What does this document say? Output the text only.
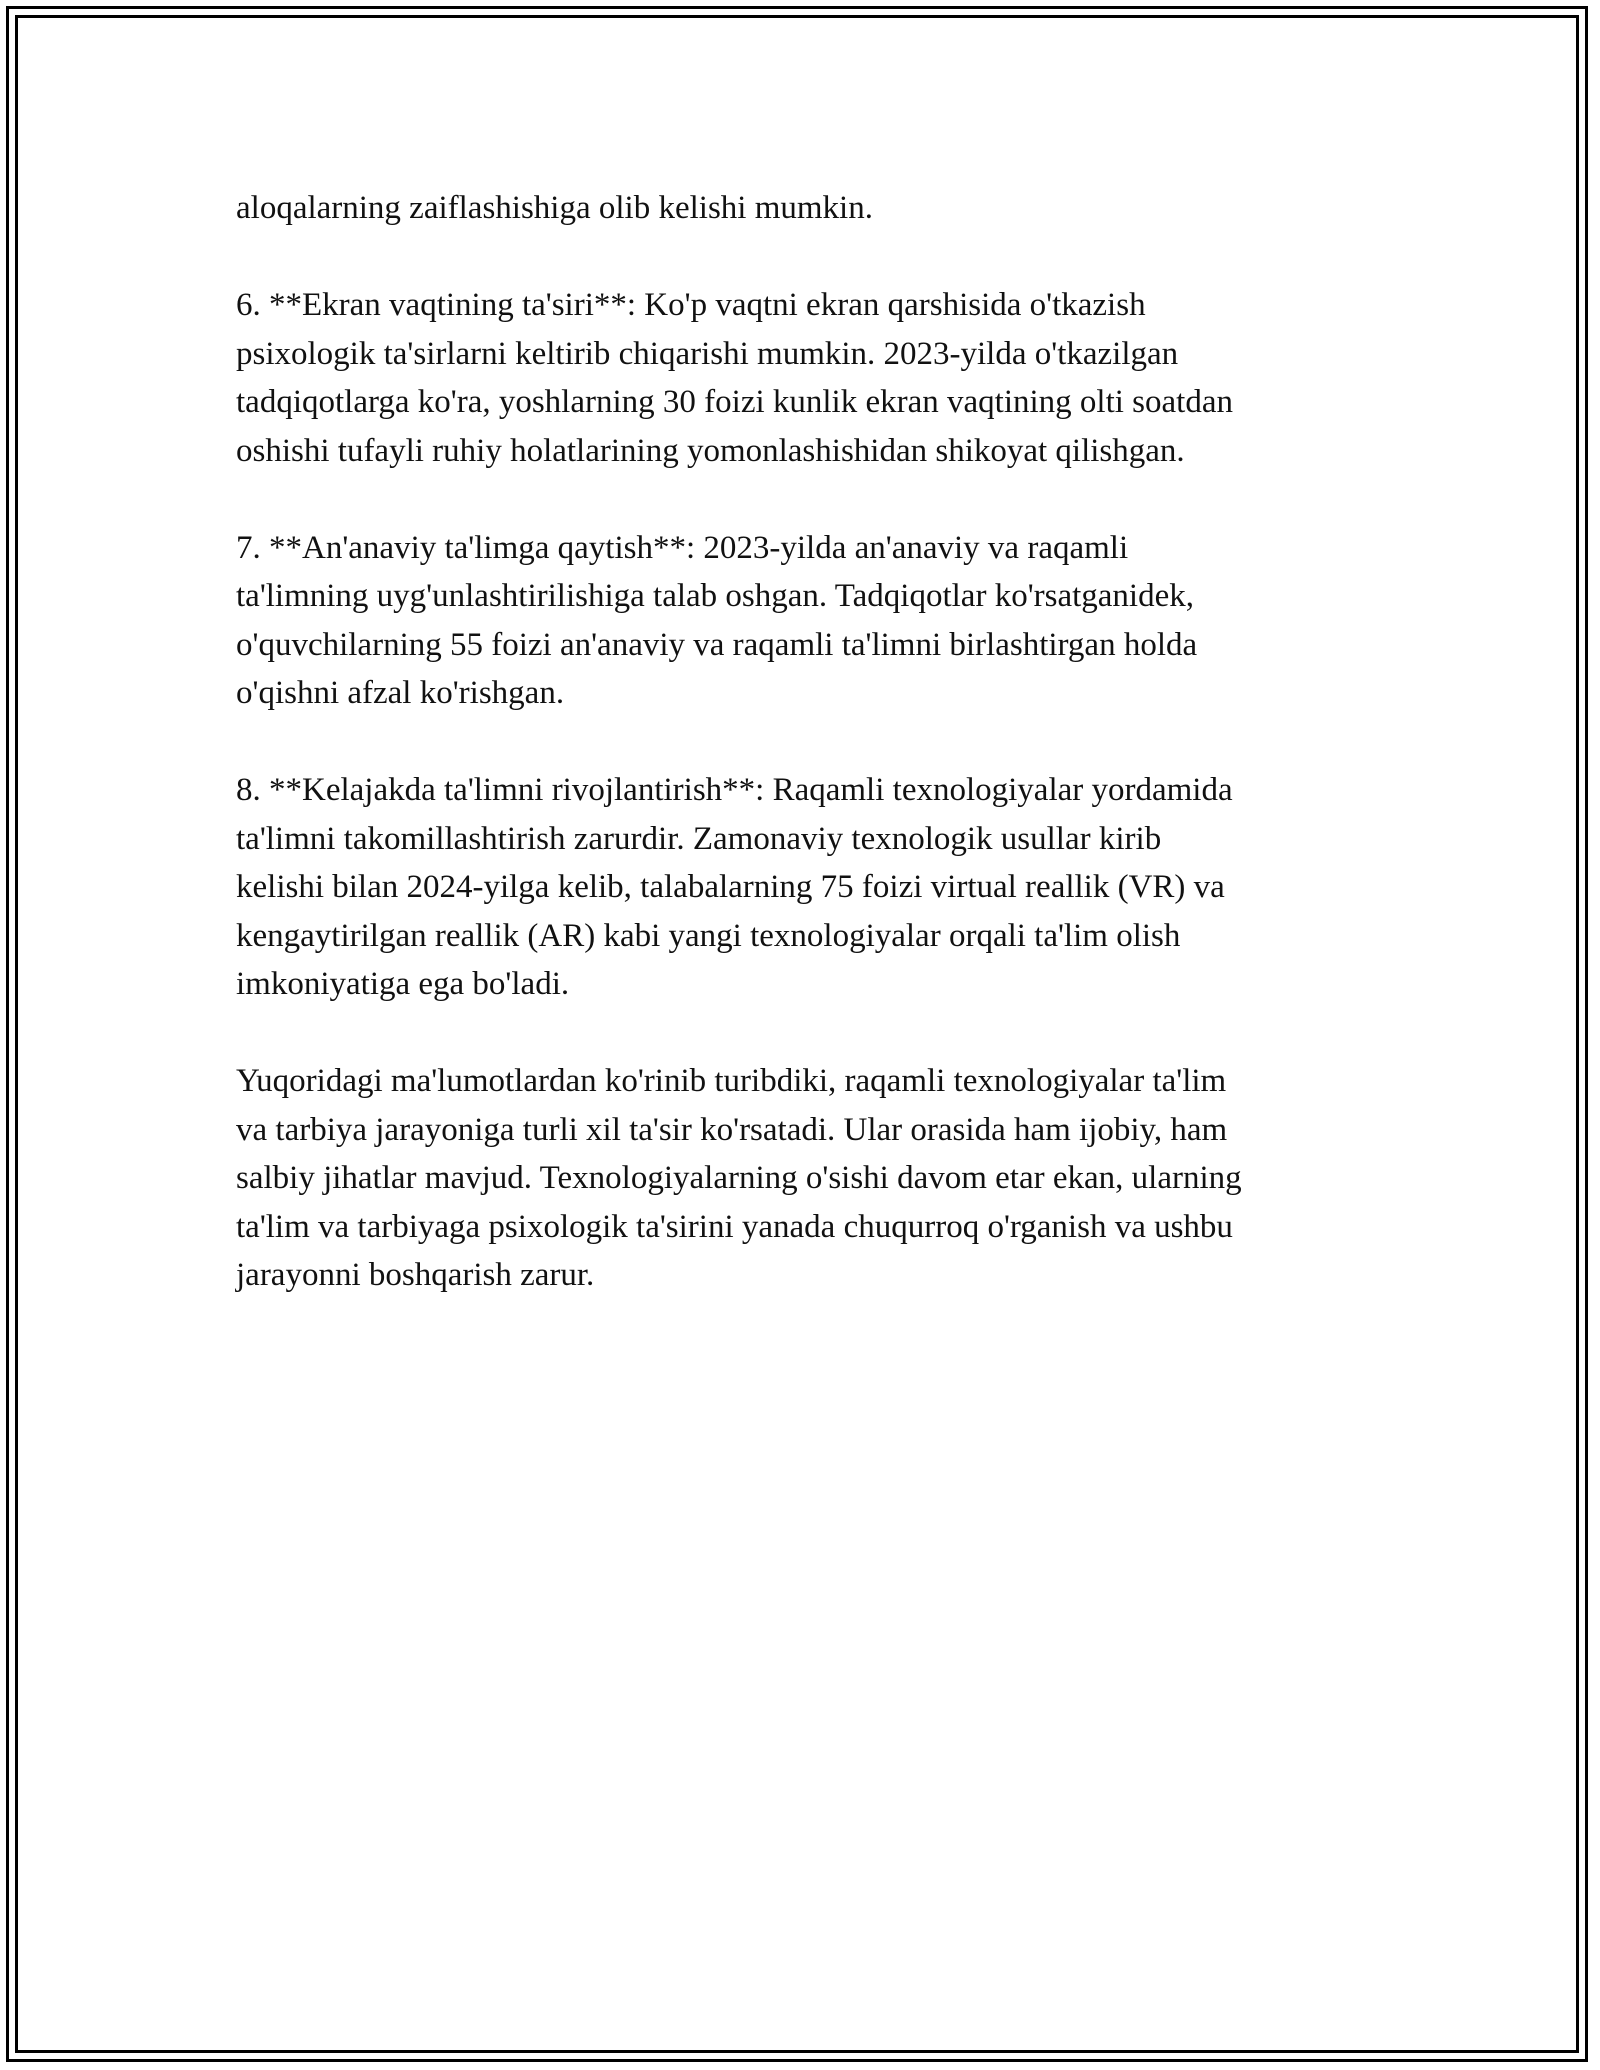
aloqalarning zaiflashishiga olib kelishi mumkin.

6. **Ekran vaqtining ta'siri**: Ko'p vaqtni ekran qarshisida o'tkazish
psixologik ta'sirlarni keltirib chiqarishi mumkin. 2023-yilda o'tkazilgan
tadqiqotlarga ko'ra, yoshlarning 30 foizi kunlik ekran vaqtining olti soatdan
oshishi tufayli ruhiy holatlarining yomonlashishidan shikoyat qilishgan.

7. **An'anaviy ta'limga qaytish**: 2023-yilda an'anaviy va raqamli
ta'limning uyg'unlashtirilishiga talab oshgan. Tadqiqotlar ko'rsatganidek,
o'quvchilarning 55 foizi an'anaviy va raqamli ta'limni birlashtirgan holda
o'qishni afzal ko'rishgan.

8. **Kelajakda ta'limni rivojlantirish**: Raqamli texnologiyalar yordamida
ta'limni takomillashtirish zarurdir. Zamonaviy texnologik usullar kirib
kelishi bilan 2024-yilga kelib, talabalarning 75 foizi virtual reallik (VR) va
kengaytirilgan reallik (AR) kabi yangi texnologiyalar orqali ta'lim olish
imkoniyatiga ega bo'ladi.

Yuqoridagi ma'lumotlardan ko'rinib turibdiki, raqamli texnologiyalar ta'lim
va tarbiya jarayoniga turli xil ta'sir ko'rsatadi. Ular orasida ham ijobiy, ham
salbiy jihatlar mavjud. Texnologiyalarning o'sishi davom etar ekan, ularning
ta'lim va tarbiyaga psixologik ta'sirini yanada chuqurroq o'rganish va ushbu
jarayonni boshqarish zarur.
